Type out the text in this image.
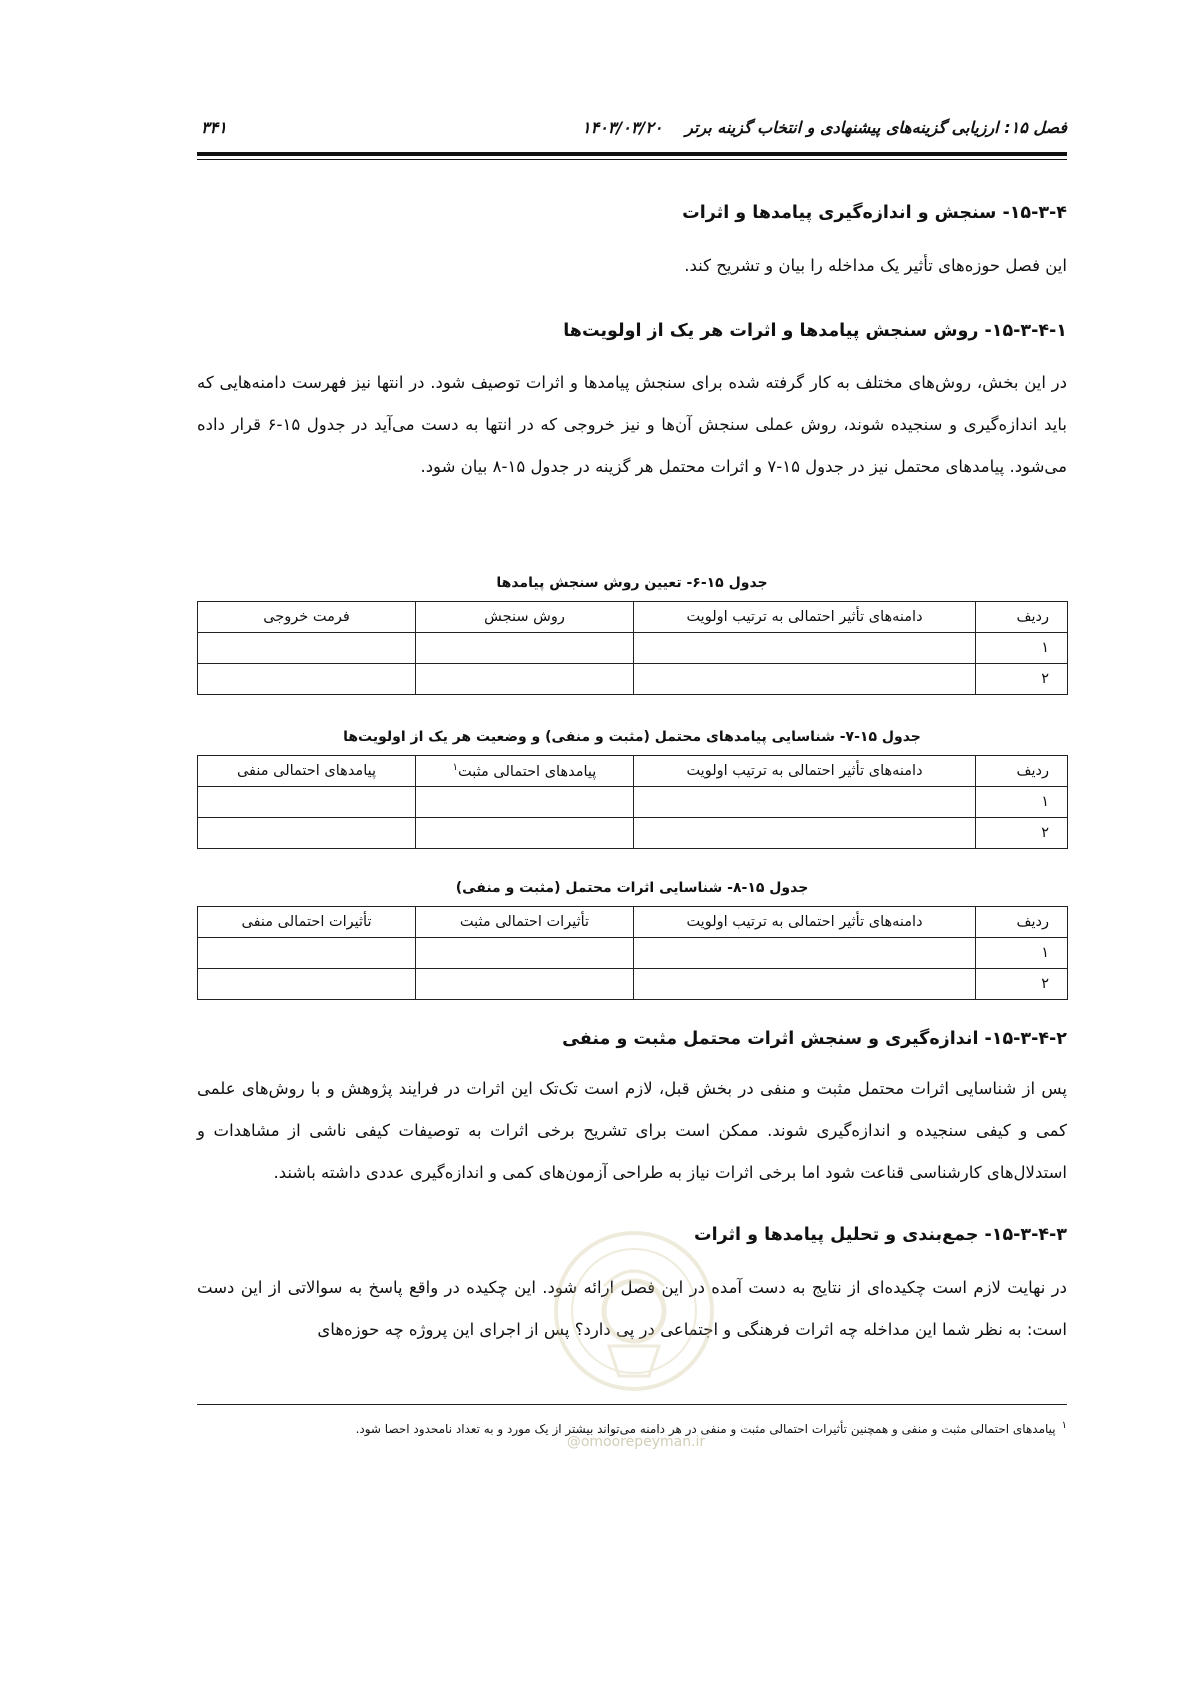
فصل ۱۵: ارزیابی گزینه‌های پیشنهادی و انتخاب گزینه برتر
۱۴۰۳/۰۳/۲۰
۳۴۱
۱۵-۳-۴- سنجش و اندازه‌گیری پیامدها و اثرات
این فصل حوزه‌های تأثیر یک مداخله را بیان و تشریح کند.
۱۵-۳-۴-۱- روش سنجش پیامدها و اثرات هر یک از اولویت‌ها
در این بخش، روش‌های مختلف به کار گرفته شده برای سنجش پیامدها و اثرات توصیف شود. در انتها نیز فهرست دامنه‌هایی که باید اندازه‌گیری و سنجیده شوند، روش عملی سنجش آن‌ها و نیز خروجی که در انتها به دست می‌آید در جدول ۱۵-۶ قرار داده می‌شود. پیامدهای محتمل نیز در جدول ۱۵-۷ و اثرات محتمل هر گزینه در جدول ۱۵-۸ بیان شود.
جدول ۱۵-۶- تعیین روش سنجش پیامدها
ردیف	دامنه‌های تأثیر احتمالی به ترتیب اولویت	روش سنجش	فرمت خروجی
۱			
۲			
جدول ۱۵-۷- شناسایی پیامدهای محتمل (مثبت و منفی) و وضعیت هر یک از اولویت‌ها
ردیف	دامنه‌های تأثیر احتمالی به ترتیب اولویت	پیامدهای احتمالی مثبت$^۱$	پیامدهای احتمالی منفی
۱			
۲			
جدول ۱۵-۸- شناسایی اثرات محتمل (مثبت و منفی)
ردیف	دامنه‌های تأثیر احتمالی به ترتیب اولویت	تأثیرات احتمالی مثبت	تأثیرات احتمالی منفی
۱			
۲			
۱۵-۳-۴-۲- اندازه‌گیری و سنجش اثرات محتمل مثبت و منفی
پس از شناسایی اثرات محتمل مثبت و منفی در بخش قبل، لازم است تک‌تک این اثرات در فرایند پژوهش و با روش‌های علمی کمی و کیفی سنجیده و اندازه‌گیری شوند. ممکن است برای تشریح برخی اثرات به توصیفات کیفی ناشی از مشاهدات و استدلال‌های کارشناسی قناعت شود اما برخی اثرات نیاز به طراحی آزمون‌های کمی و اندازه‌گیری عددی داشته باشند.
۱۵-۳-۴-۳- جمع‌بندی و تحلیل پیامدها و اثرات
در نهایت لازم است چکیده‌ای از نتایج به دست آمده در این فصل ارائه شود. این چکیده در واقع پاسخ به سوالاتی از این دست است: به نظر شما این مداخله چه اثرات فرهنگی و اجتماعی در پی دارد؟ پس از اجرای این پروژه چه حوزه‌های
@omoorepeyman.ir
$^۱$پیامدهای احتمالی مثبت و منفی و همچنین تأثیرات احتمالی مثبت و منفی در هر دامنه می‌تواند بیشتر از یک مورد و به تعداد نامحدود احصا شود.
